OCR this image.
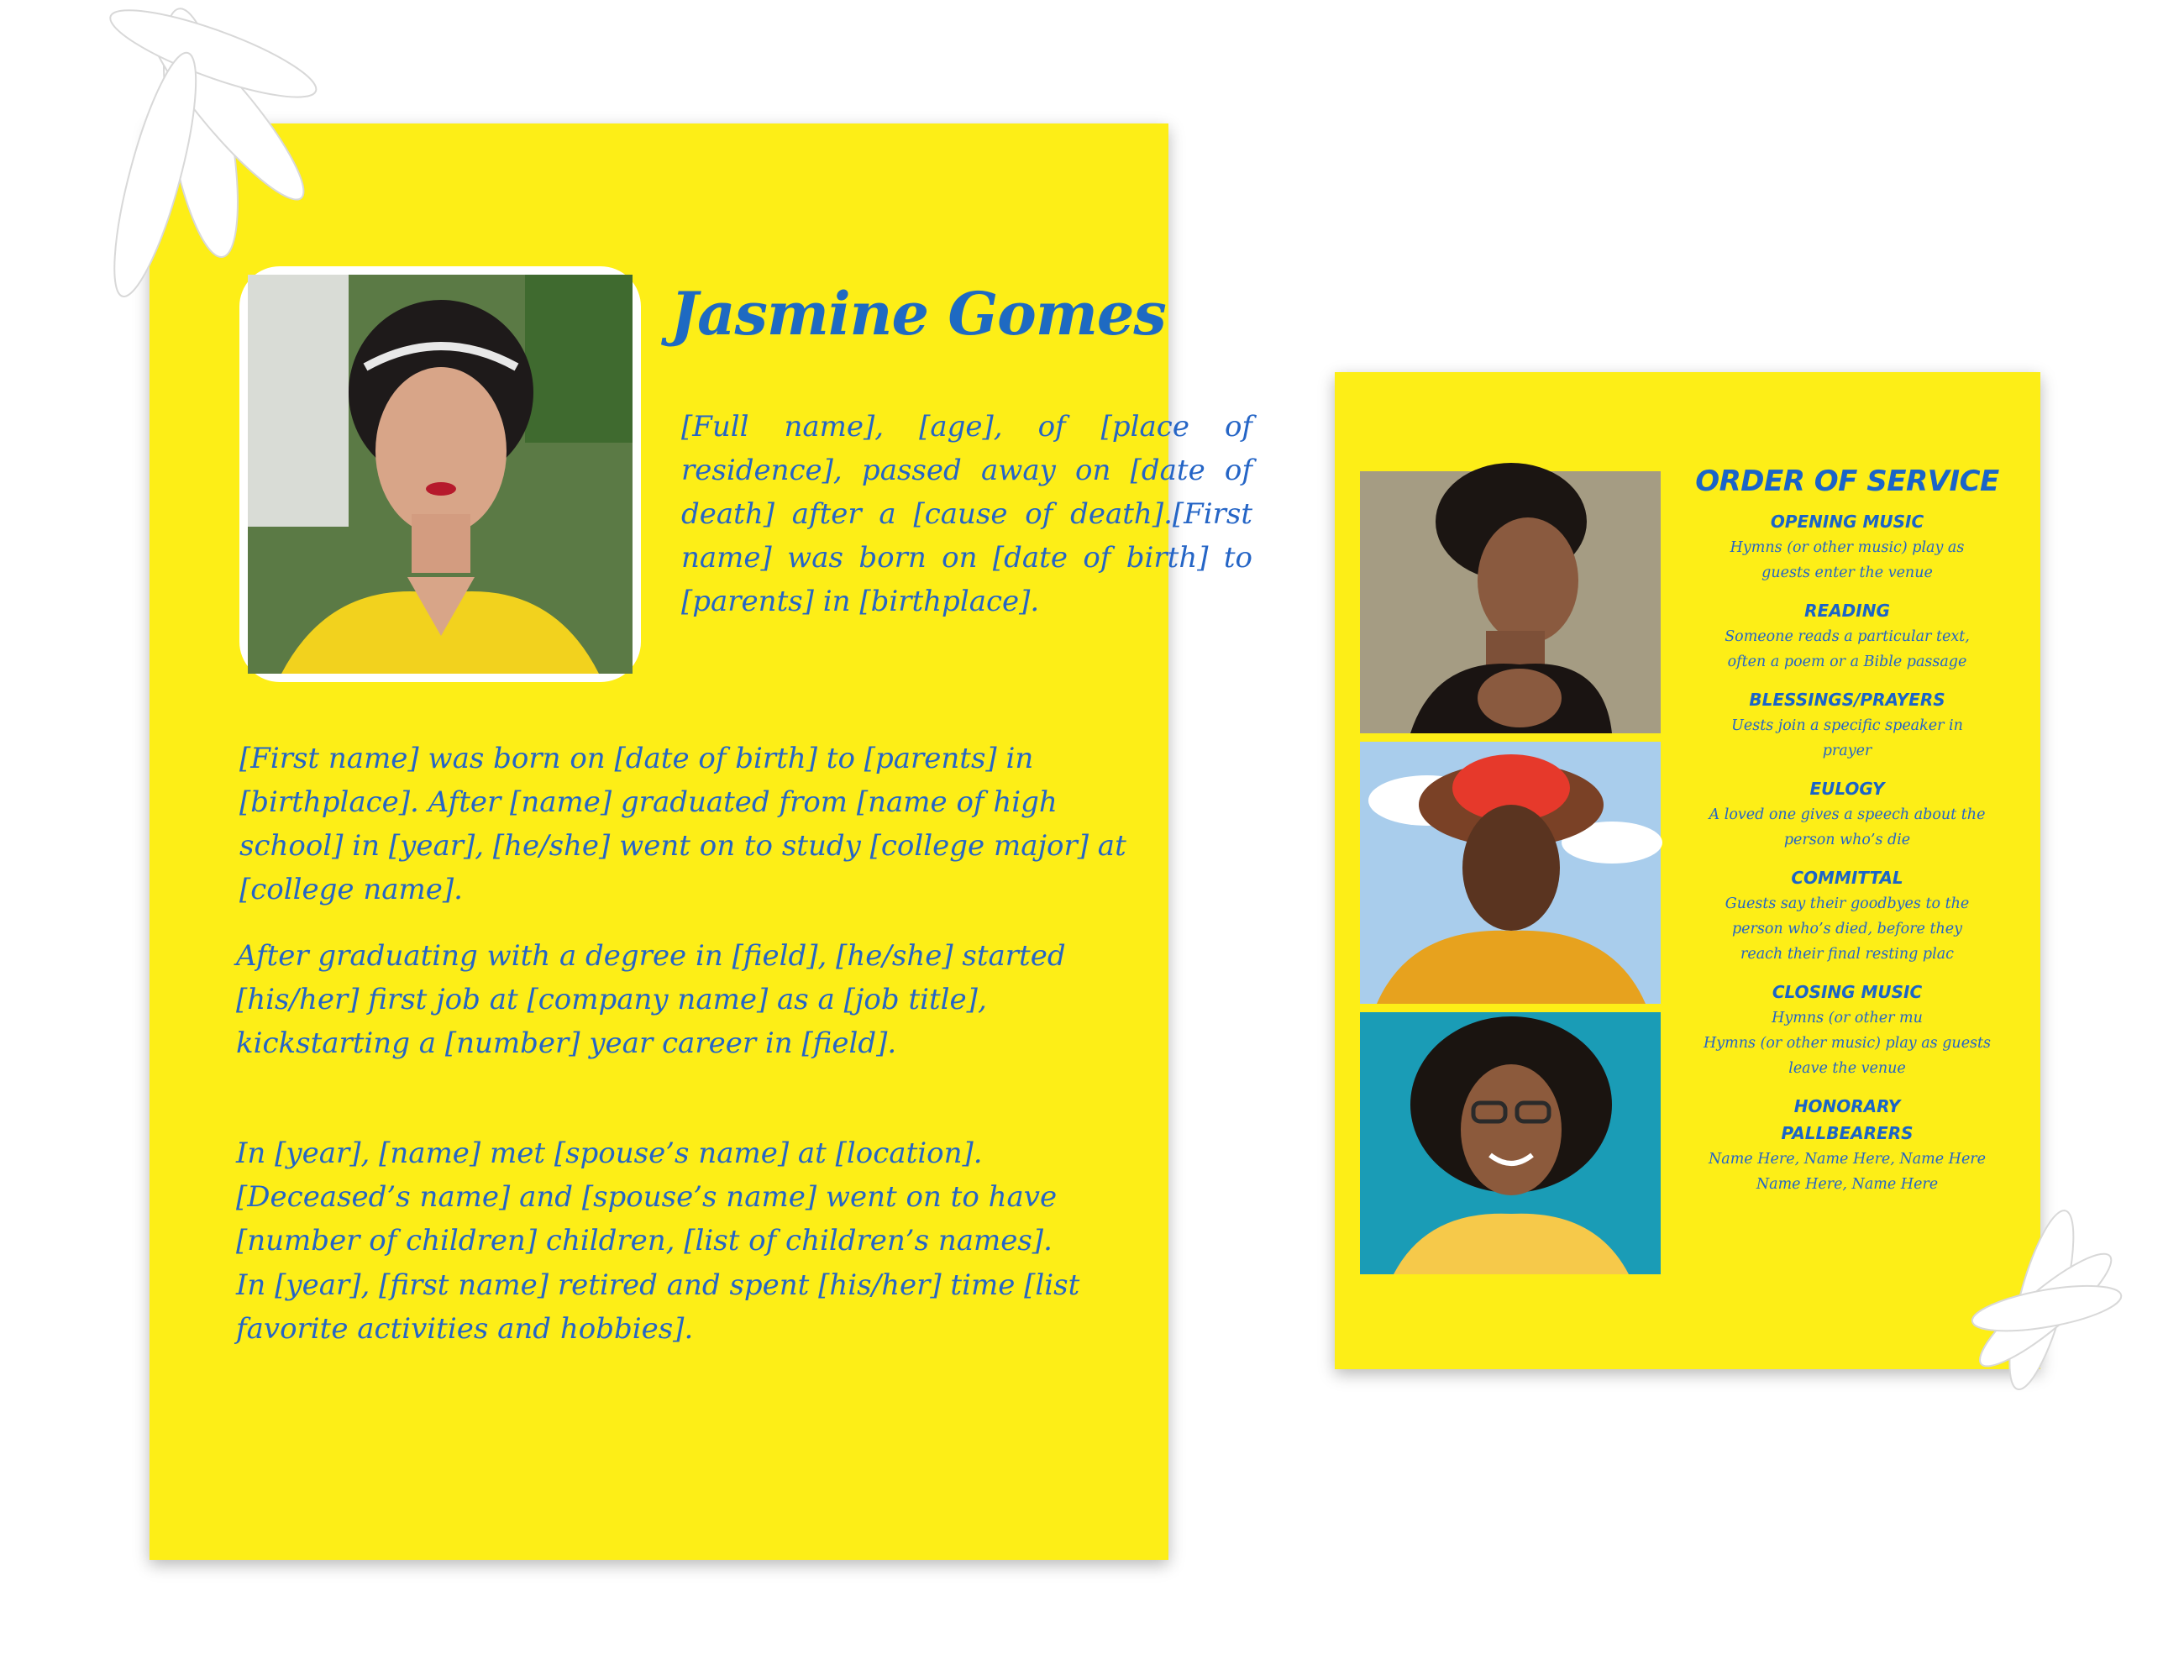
Jasmine Gomes
[Full name], [age], of [place of residence], passed away on [date of death] after a [cause of death].[First name] was born on [date of birth] to [parents] in [birthplace].
[First name] was born on [date of birth] to [parents] in [birthplace]. After [name] graduated from [name of high school] in [year], [he/she] went on to study [college major] at [college name].
After graduating with a degree in [field], [he/she] started [his/her] first job at [company name] as a [job title], kickstarting a [number] year career in [field].
In [year], [name] met [spouse’s name] at [location]. [Deceased’s name] and [spouse’s name] went on to have [number of children] children, [list of children’s names].
In [year], [first name] retired and spent [his/her] time [list favorite activities and hobbies].
ORDER OF SERVICE
OPENING MUSIC
Hymns (or other music) play as
guests enter the venue
READING
Someone reads a particular text,
often a poem or a Bible passage
BLESSINGS/PRAYERS
Uests join a specific speaker in
prayer
EULOGY
A loved one gives a speech about the
person who’s die
COMMITTAL
Guests say their goodbyes to the
person who’s died, before they
reach their final resting plac
CLOSING MUSIC
Hymns (or other mu
Hymns (or other music) play as guests
leave the venue
HONORARY
PALLBEARERS
Name Here, Name Here, Name Here
Name Here, Name Here
